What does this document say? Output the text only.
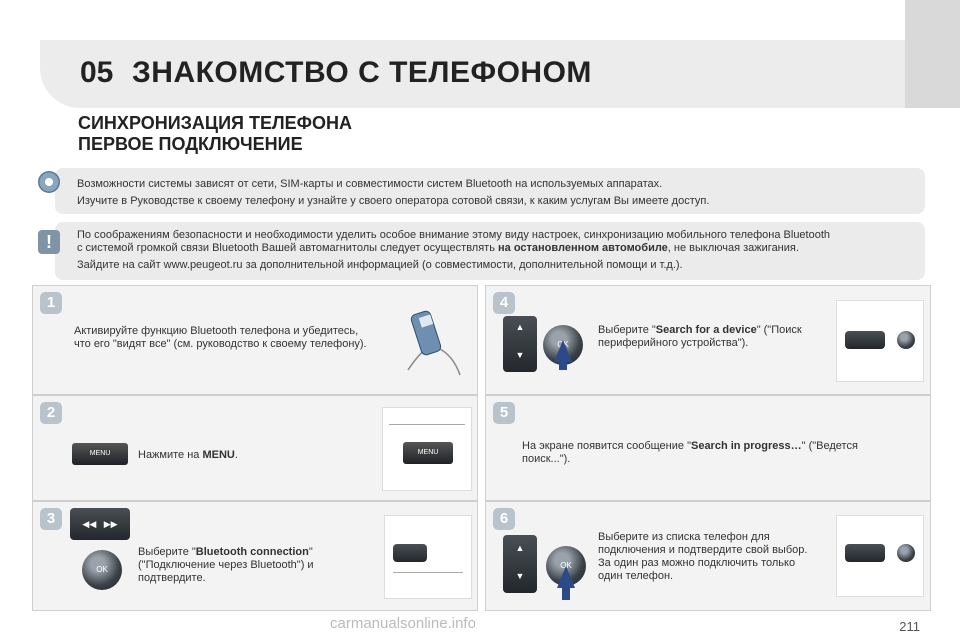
05 ЗНАКОМСТВО С ТЕЛЕФОНОМ
СИНХРОНИЗАЦИЯ ТЕЛЕФОНА
ПЕРВОЕ ПОДКЛЮЧЕНИЕ

Возможности системы зависят от сети, SIM-карты и совместимости систем Bluetooth на используемых аппаратах.

Изучите в Руководстве к своему телефону и узнайте у своего оператора сотовой связи, к каким услугам Вы имеете доступ.

По соображениям безопасности и необходимости уделить особое внимание этому виду настроек, синхронизацию мобильного телефона Bluetooth

с системой громкой связи Bluetooth Вашей автомагнитолы следует осуществлять на остановленном автомобиле, не выключая зажигания.

Зайдите на сайт www.peugeot.ru за дополнительной информацией (о совместимости, дополнительной помощи и т.д.).

!
1
Активируйте функцию Bluetooth телефона и убедитесь, что его "видят все" (см. руководство к своему телефону).
2
MENU	Нажмите на MENU.	MENU
3	◀◀   ▶▶
OK
Выберите "Bluetooth connection" ("Подключение через Bluetooth") и подтвердите.
4
▲
▼
OK
Выберите "Search for a device" ("Поиск периферийного устройства").
5
На экране появится сообщение "Search in progress…" ("Ведется поиск...").
6
▲
▼
OK
Выберите из списка телефон для подключения и подтвердите свой выбор. За один раз можно подключить только один телефон.
carmanualsonline.info	211
